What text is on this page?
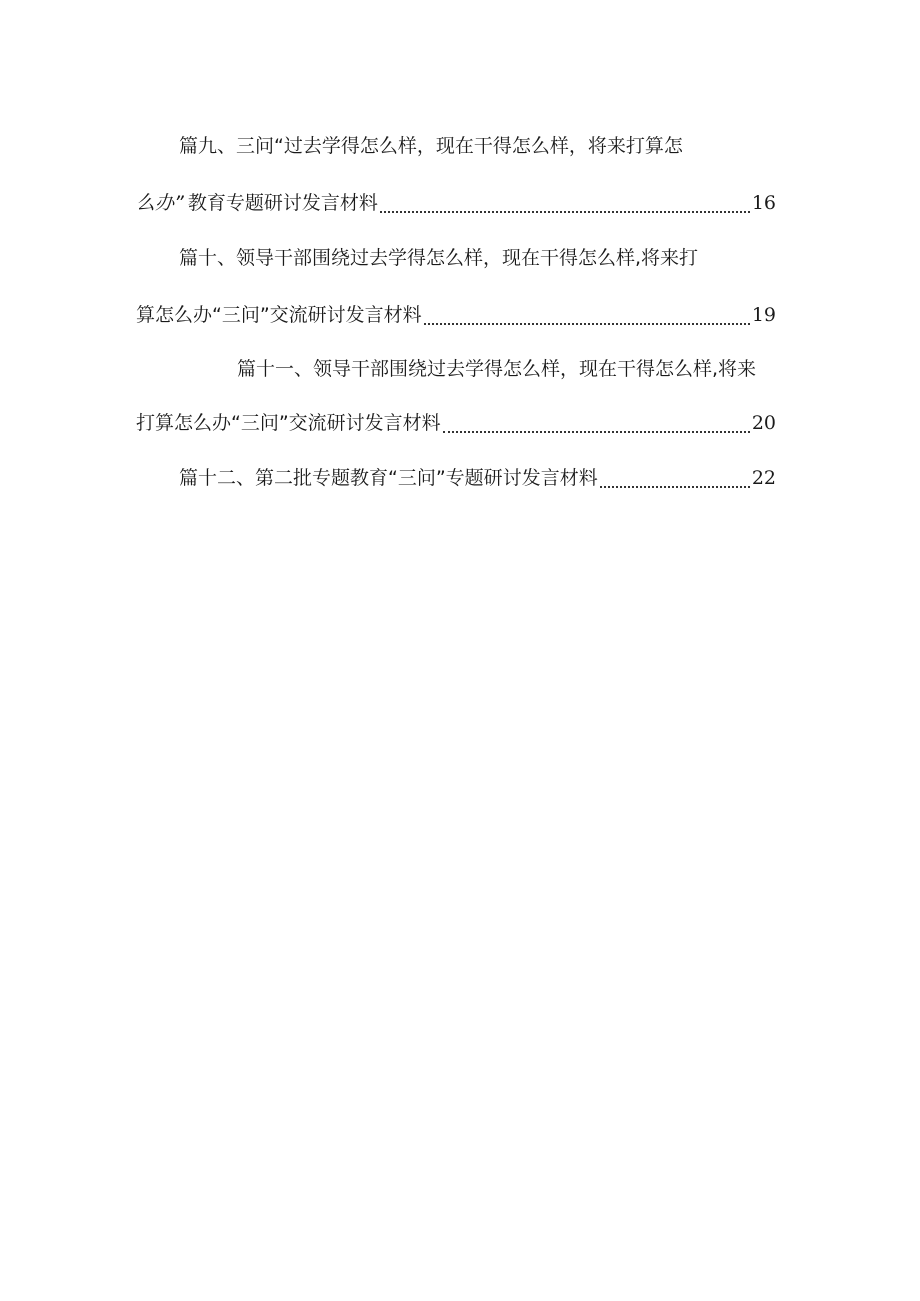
篇九、三问“过去学得怎么样，现在干得怎么样，将来打算怎
么办” 教育专题研讨发言材料	16
篇十、领导干部围绕过去学得怎么样，现在干得怎么样,将来打
算怎么办“三问”交流研讨发言材料	19
篇十一、领导干部围绕过去学得怎么样，现在干得怎么样,将来
打算怎么办“三问”交流研讨发言材料	20
篇十二、第二批专题教育“三问”专题研讨发言材料	22
